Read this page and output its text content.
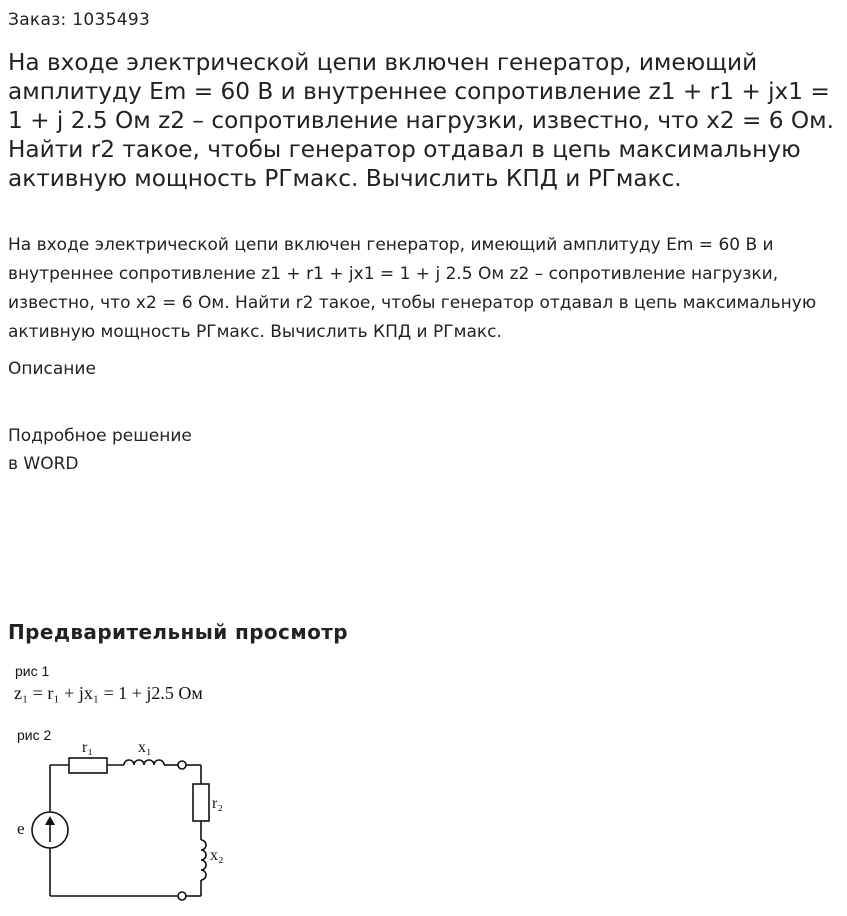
Заказ: 1035493
На входе электрической цепи включен генератор, имеющий амплитуду Em = 60 В и внутреннее сопротивление z1 + r1 + jx1 = 1 + j 2.5 Ом z2 – сопротивление нагрузки, известно, что x2 = 6 Ом. Найти r2 такое, чтобы генератор отдавал в цепь максимальную активную мощность РГмакс. Вычислить КПД и РГмакс.
На входе электрической цепи включен генератор, имеющий амплитуду Em = 60 В и внутреннее сопротивление z1 + r1 + jx1 = 1 + j 2.5 Ом z2 – сопротивление нагрузки, известно, что x2 = 6 Ом. Найти r2 такое, чтобы генератор отдавал в цепь максимальную активную мощность РГмакс. Вычислить КПД и РГмакс.
Описание
Подробное решение
в WORD
Предварительный просмотр
рис 1
z₁ = r₁ + jx₁ = 1 + j2.5 Ом
рис 2
r₁	x₁
r₂
x₂
e
